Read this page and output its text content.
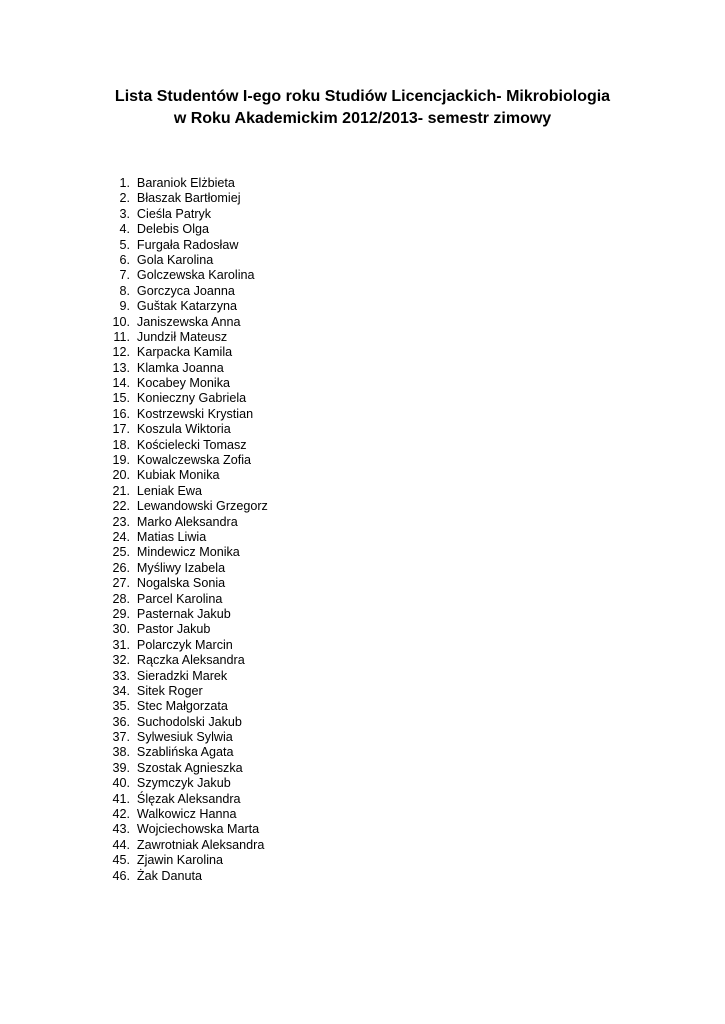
Lista Studentów I-ego roku Studiów Licencjackich- Mikrobiologia
w Roku Akademickim 2012/2013- semestr zimowy
1. Baraniok Elżbieta
2. Błaszak Bartłomiej
3. Cieśla Patryk
4. Delebis Olga
5. Furgała Radosław
6. Gola Karolina
7. Golczewska Karolina
8. Gorczyca Joanna
9. Guštak Katarzyna
10. Janiszewska Anna
11. Jundził Mateusz
12. Karpacka Kamila
13. Klamka Joanna
14. Kocabey Monika
15. Konieczny Gabriela
16. Kostrzewski Krystian
17. Koszula Wiktoria
18. Kościelecki Tomasz
19. Kowalczewska Zofia
20. Kubiak Monika
21. Leniak Ewa
22. Lewandowski Grzegorz
23. Marko Aleksandra
24. Matias Liwia
25. Mindewicz Monika
26. Myśliwy Izabela
27. Nogalska Sonia
28. Parcel Karolina
29. Pasternak Jakub
30. Pastor Jakub
31. Polarczyk Marcin
32. Rączka Aleksandra
33. Sieradzki Marek
34. Sitek Roger
35. Stec Małgorzata
36. Suchodolski Jakub
37. Sylwesiuk Sylwia
38. Szablińska Agata
39. Szostak Agnieszka
40. Szymczyk Jakub
41. Ślęzak Aleksandra
42. Walkowicz Hanna
43. Wojciechowska Marta
44. Zawrotniak Aleksandra
45. Zjawin Karolina
46. Żak Danuta
